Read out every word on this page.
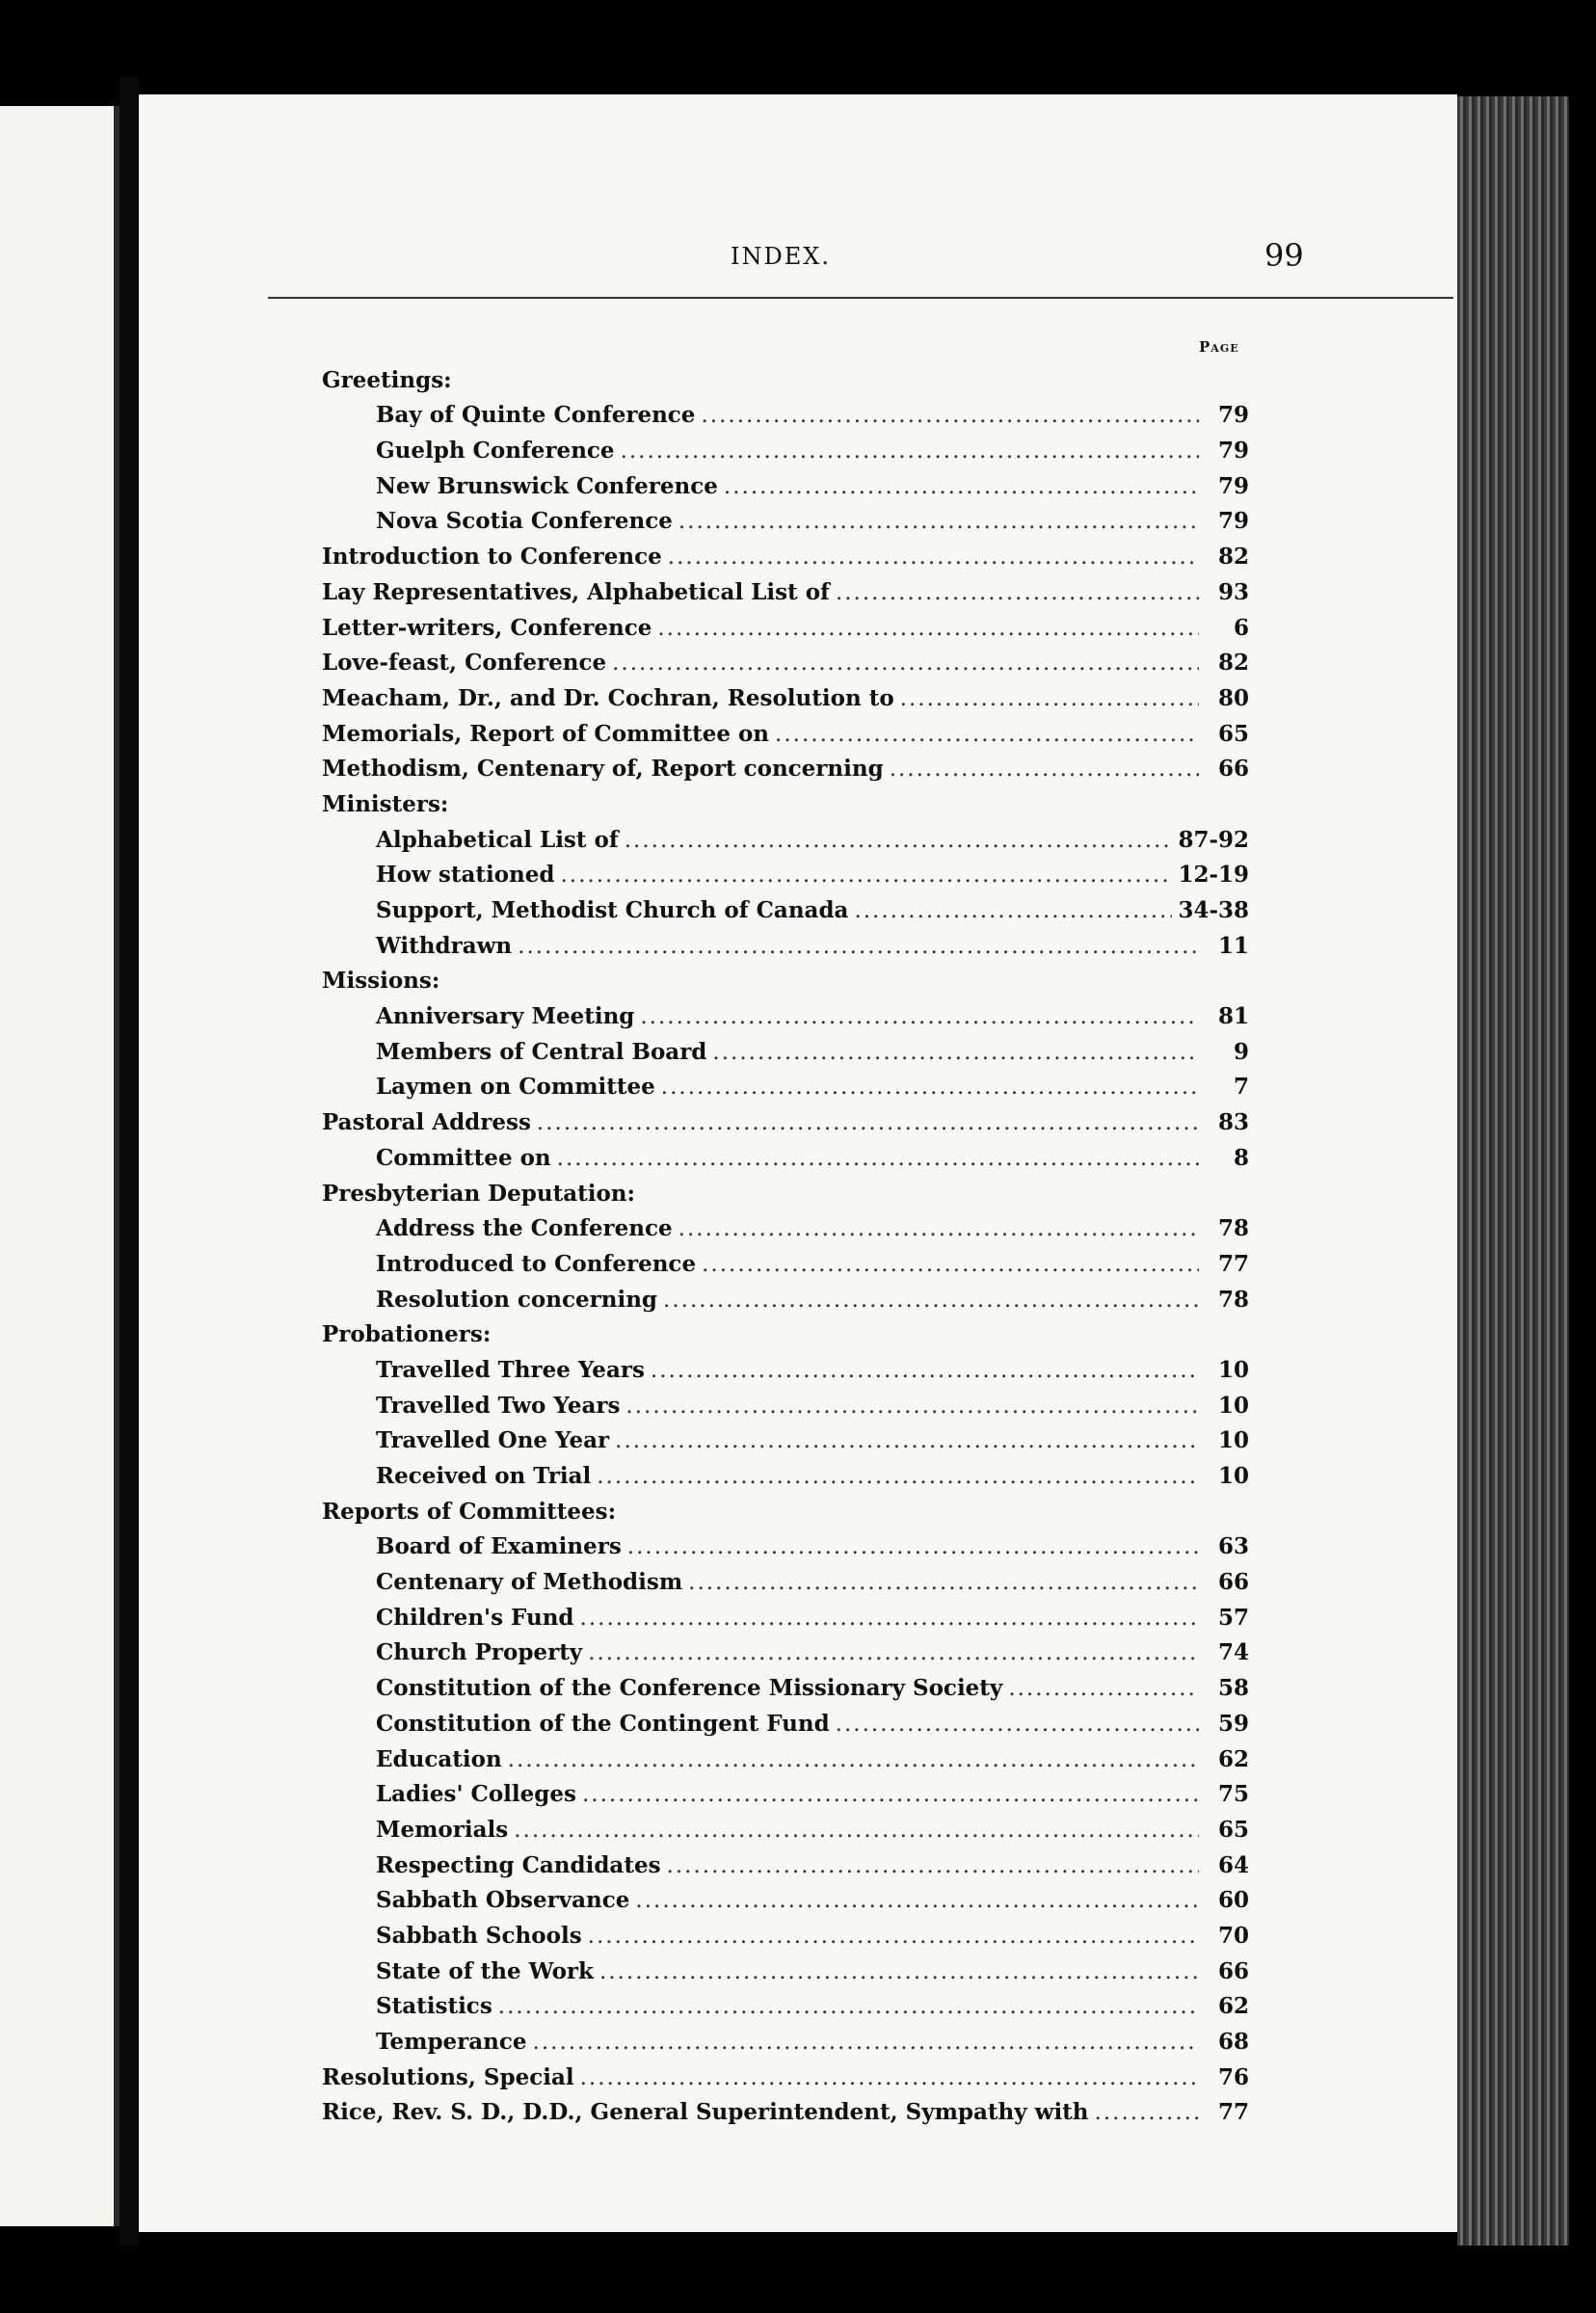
INDEX.	99
Page
Greetings:
Bay of Quinte Conference .....	79
Guelph Conference .....	79
New Brunswick Conference .....	79
Nova Scotia Conference .....	79
Introduction to Conference .....	82
Lay Representatives, Alphabetical List of .....	93
Letter-writers, Conference .....	6
Love-feast, Conference .....	82
Meacham, Dr., and Dr. Cochran, Resolution to .....	80
Memorials, Report of Committee on .....	65
Methodism, Centenary of, Report concerning .....	66
Ministers:
Alphabetical List of .....	87-92
How stationed .....	12-19
Support, Methodist Church of Canada .....	34-38
Withdrawn .....	11
Missions:
Anniversary Meeting .....	81
Members of Central Board .....	9
Laymen on Committee .....	7
Pastoral Address .....	83
Committee on .....	8
Presbyterian Deputation:
Address the Conference .....	78
Introduced to Conference .....	77
Resolution concerning .....	78
Probationers:
Travelled Three Years .....	10
Travelled Two Years .....	10
Travelled One Year .....	10
Received on Trial .....	10
Reports of Committees:
Board of Examiners .....	63
Centenary of Methodism .....	66
Children's Fund .....	57
Church Property .....	74
Constitution of the Conference Missionary Society .....	58
Constitution of the Contingent Fund .....	59
Education .....	62
Ladies' Colleges .....	75
Memorials .....	65
Respecting Candidates .....	64
Sabbath Observance .....	60
Sabbath Schools .....	70
State of the Work .....	66
Statistics .....	62
Temperance .....	68
Resolutions, Special .....	76
Rice, Rev. S. D., D.D., General Superintendent, Sympathy with .....	77
